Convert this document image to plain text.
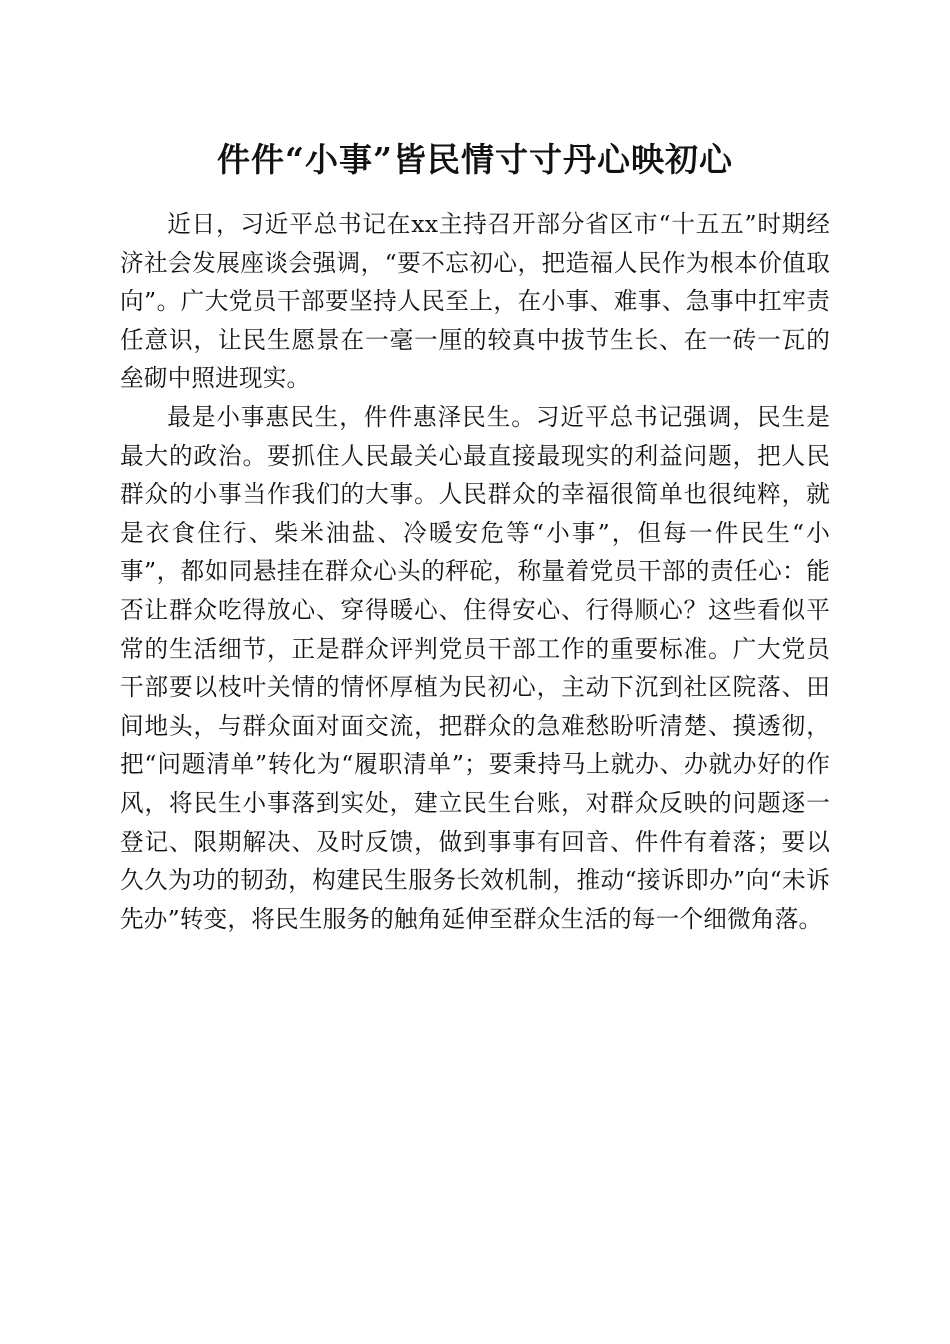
件件“小事”皆民情寸寸丹心映初心

近日，习近平总书记在xx主持召开部分省区市“十五五”时期经济社会发展座谈会强调，“要不忘初心，把造福人民作为根本价值取向”。广大党员干部要坚持人民至上，在小事、难事、急事中扛牢责任意识，让民生愿景在一毫一厘的较真中拔节生长、在一砖一瓦的垒砌中照进现实。

最是小事惠民生，件件惠泽民生。习近平总书记强调，民生是最大的政治。要抓住人民最关心最直接最现实的利益问题，把人民群众的小事当作我们的大事。人民群众的幸福很简单也很纯粹，就是衣食住行、柴米油盐、冷暖安危等“小事”，但每一件民生“小事”，都如同悬挂在群众心头的秤砣，称量着党员干部的责任心：能否让群众吃得放心、穿得暖心、住得安心、行得顺心？这些看似平常的生活细节，正是群众评判党员干部工作的重要标准。广大党员干部要以枝叶关情的情怀厚植为民初心，主动下沉到社区院落、田间地头，与群众面对面交流，把群众的急难愁盼听清楚、摸透彻，把“问题清单”转化为“履职清单”；要秉持马上就办、办就办好的作风，将民生小事落到实处，建立民生台账，对群众反映的问题逐一登记、限期解决、及时反馈，做到事事有回音、件件有着落；要以久久为功的韧劲，构建民生服务长效机制，推动“接诉即办”向“未诉先办”转变，将民生服务的触角延伸至群众生活的每一个细微角落。
